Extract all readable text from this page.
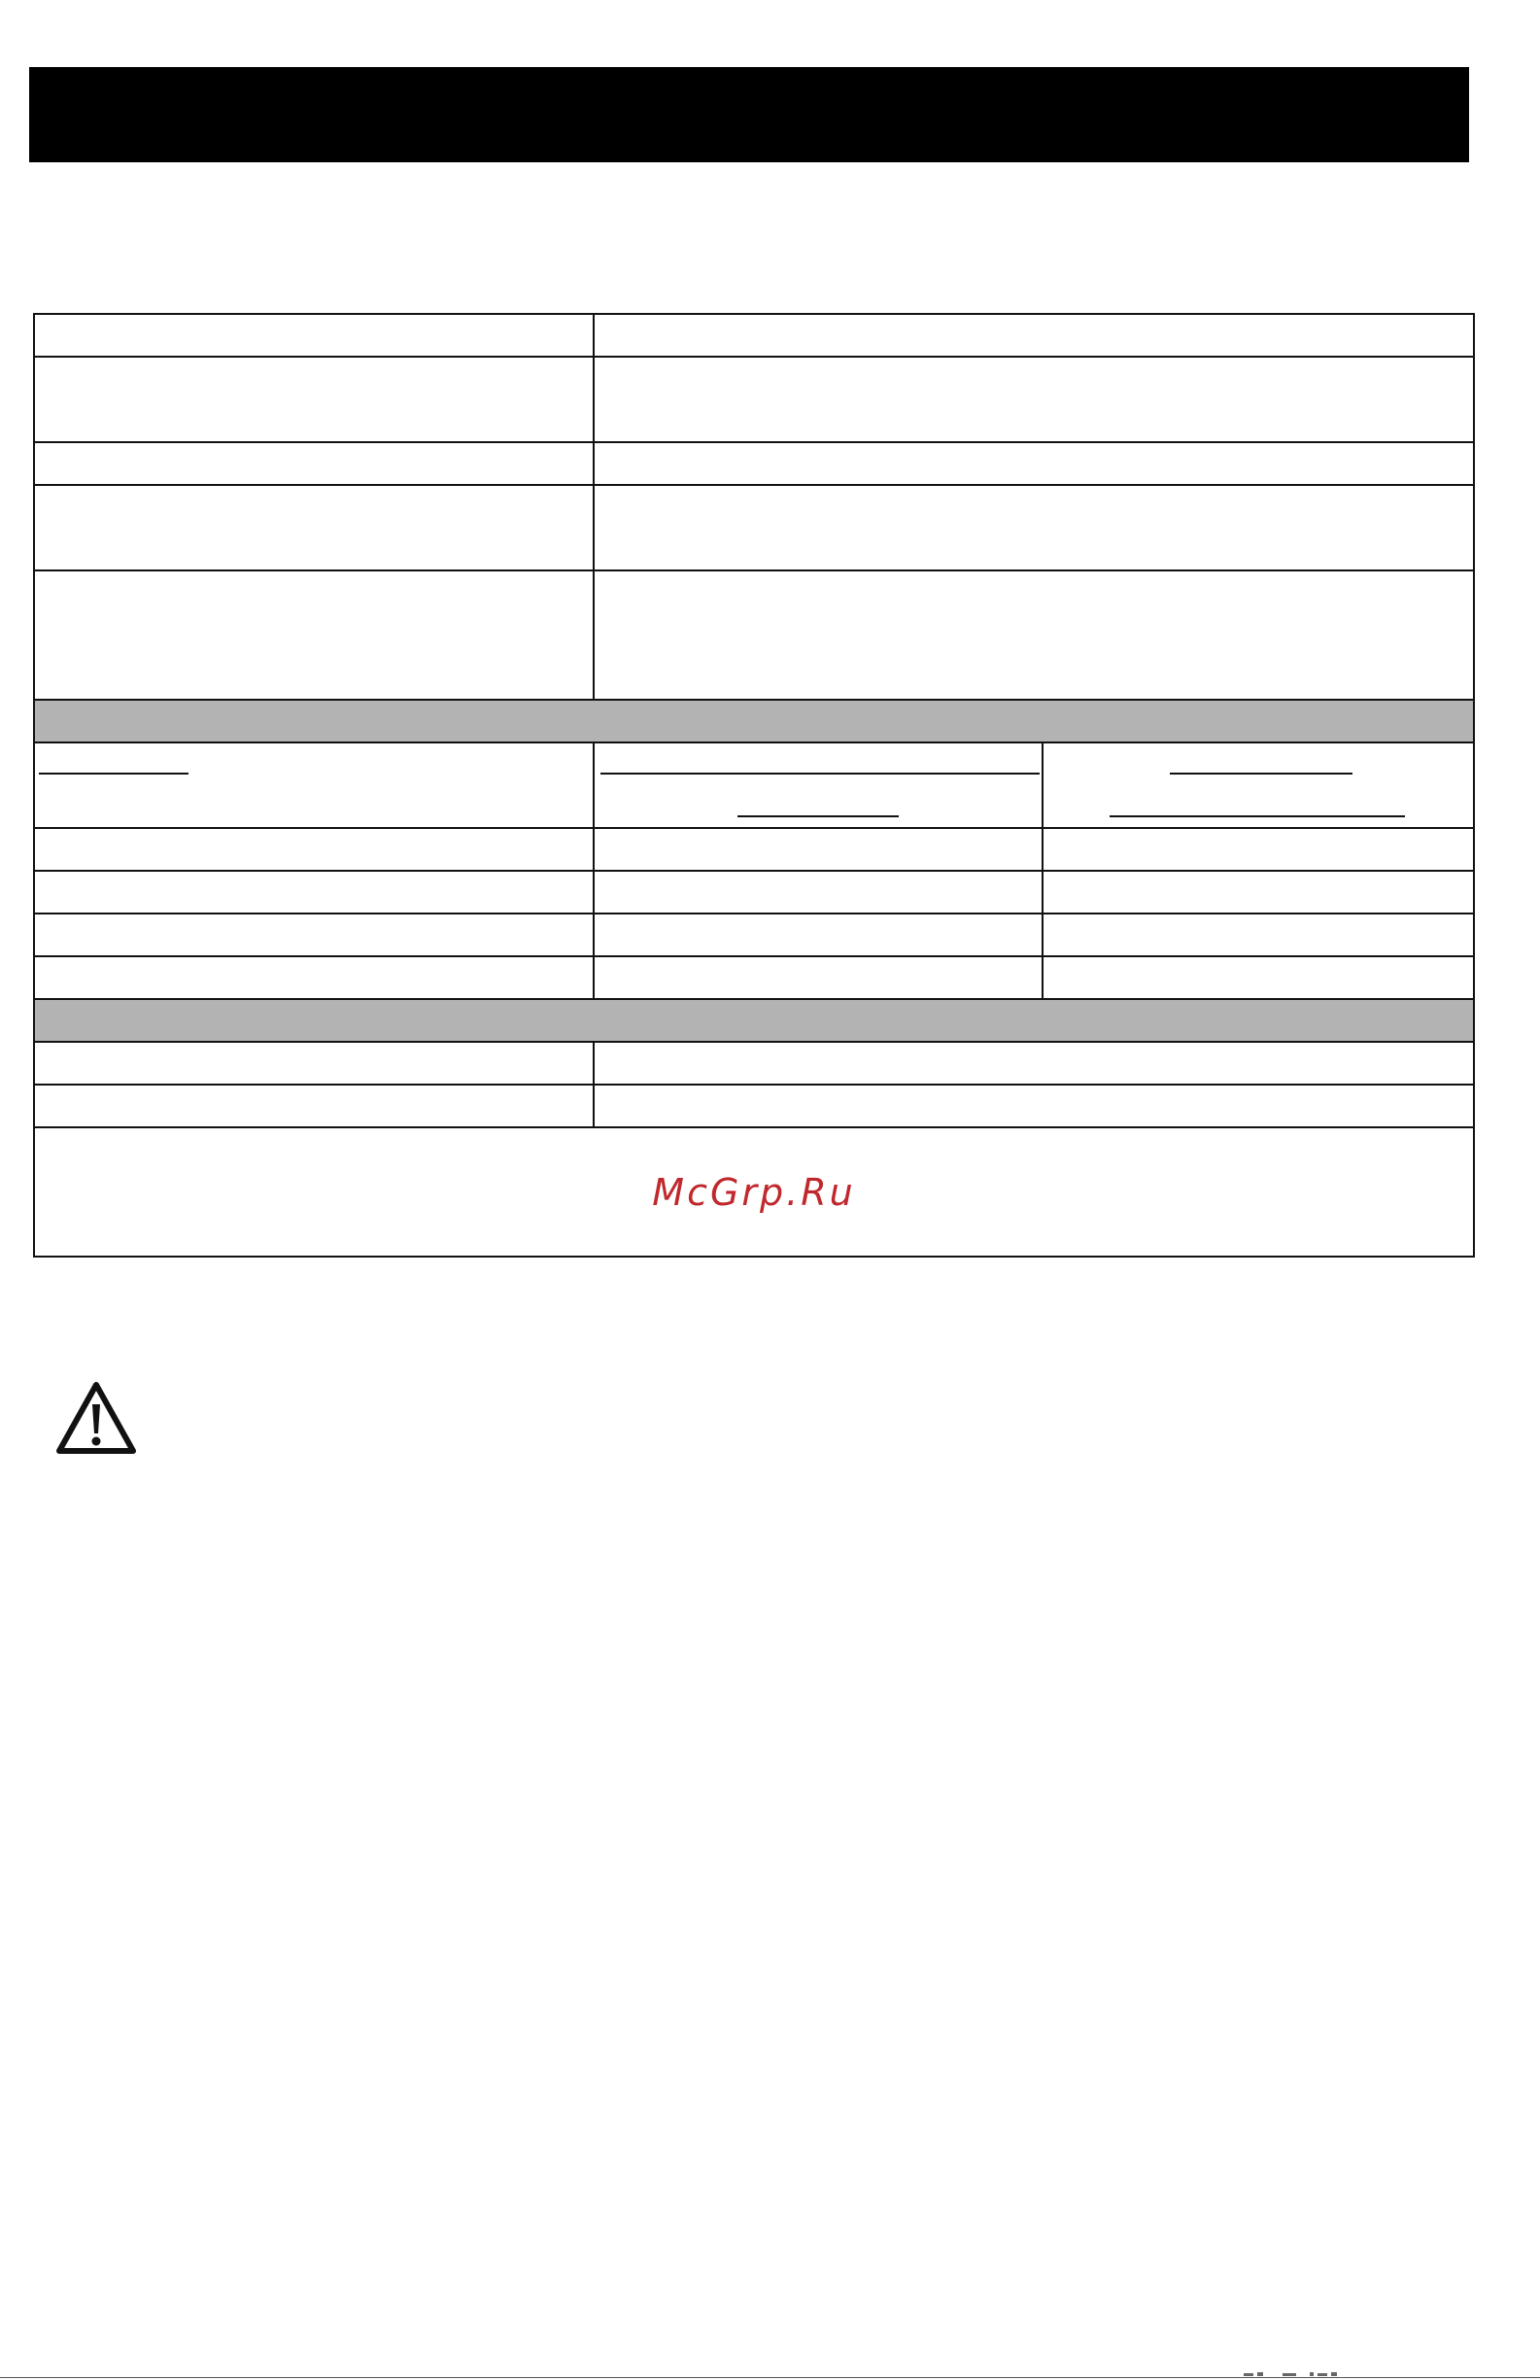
McGrp.Ru		
